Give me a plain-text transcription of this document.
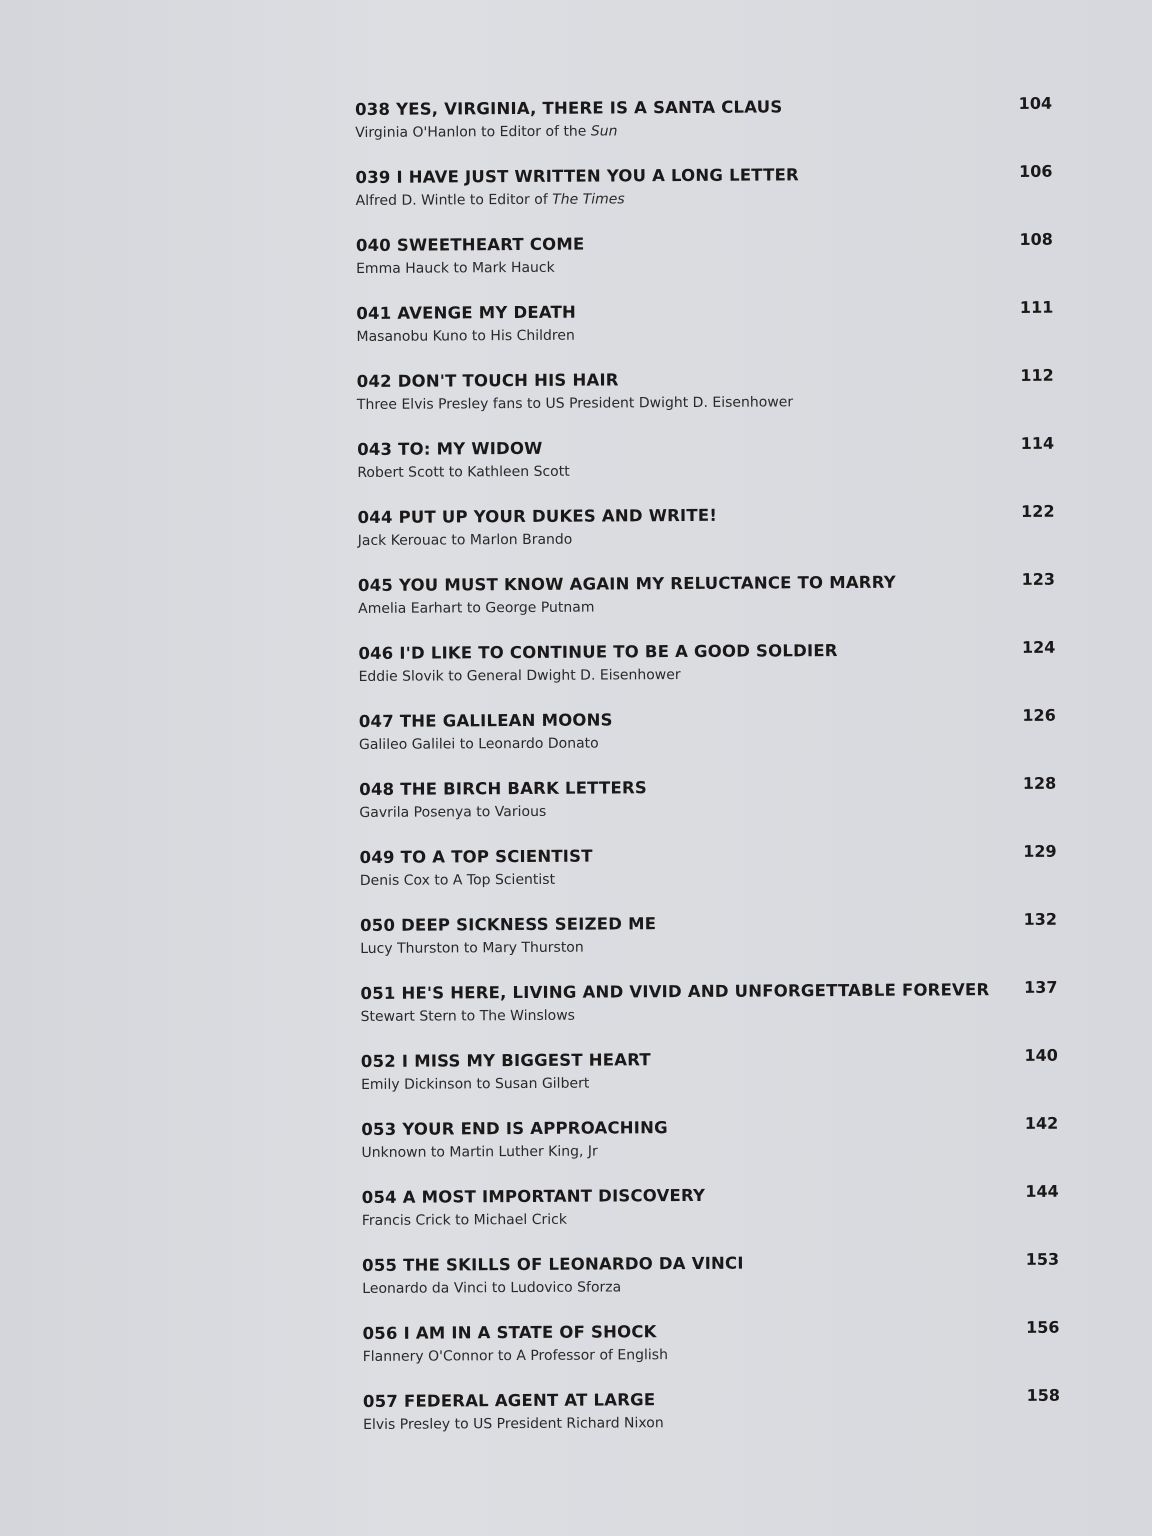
038 YES, VIRGINIA, THERE IS A SANTA CLAUS
Virginia O'Hanlon to Editor of the Sun
104
039 I HAVE JUST WRITTEN YOU A LONG LETTER
Alfred D. Wintle to Editor of The Times
106
040 SWEETHEART COME
Emma Hauck to Mark Hauck
108
041 AVENGE MY DEATH
Masanobu Kuno to His Children
111
042 DON'T TOUCH HIS HAIR
Three Elvis Presley fans to US President Dwight D. Eisenhower
112
043 TO: MY WIDOW
Robert Scott to Kathleen Scott
114
044 PUT UP YOUR DUKES AND WRITE!
Jack Kerouac to Marlon Brando
122
045 YOU MUST KNOW AGAIN MY RELUCTANCE TO MARRY
Amelia Earhart to George Putnam
123
046 I'D LIKE TO CONTINUE TO BE A GOOD SOLDIER
Eddie Slovik to General Dwight D. Eisenhower
124
047 THE GALILEAN MOONS
Galileo Galilei to Leonardo Donato
126
048 THE BIRCH BARK LETTERS
Gavrila Posenya to Various
128
049 TO A TOP SCIENTIST
Denis Cox to A Top Scientist
129
050 DEEP SICKNESS SEIZED ME
Lucy Thurston to Mary Thurston
132
051 HE'S HERE, LIVING AND VIVID AND UNFORGETTABLE FOREVER
Stewart Stern to The Winslows
137
052 I MISS MY BIGGEST HEART
Emily Dickinson to Susan Gilbert
140
053 YOUR END IS APPROACHING
Unknown to Martin Luther King, Jr
142
054 A MOST IMPORTANT DISCOVERY
Francis Crick to Michael Crick
144
055 THE SKILLS OF LEONARDO DA VINCI
Leonardo da Vinci to Ludovico Sforza
153
056 I AM IN A STATE OF SHOCK
Flannery O'Connor to A Professor of English
156
057 FEDERAL AGENT AT LARGE
Elvis Presley to US President Richard Nixon
158
